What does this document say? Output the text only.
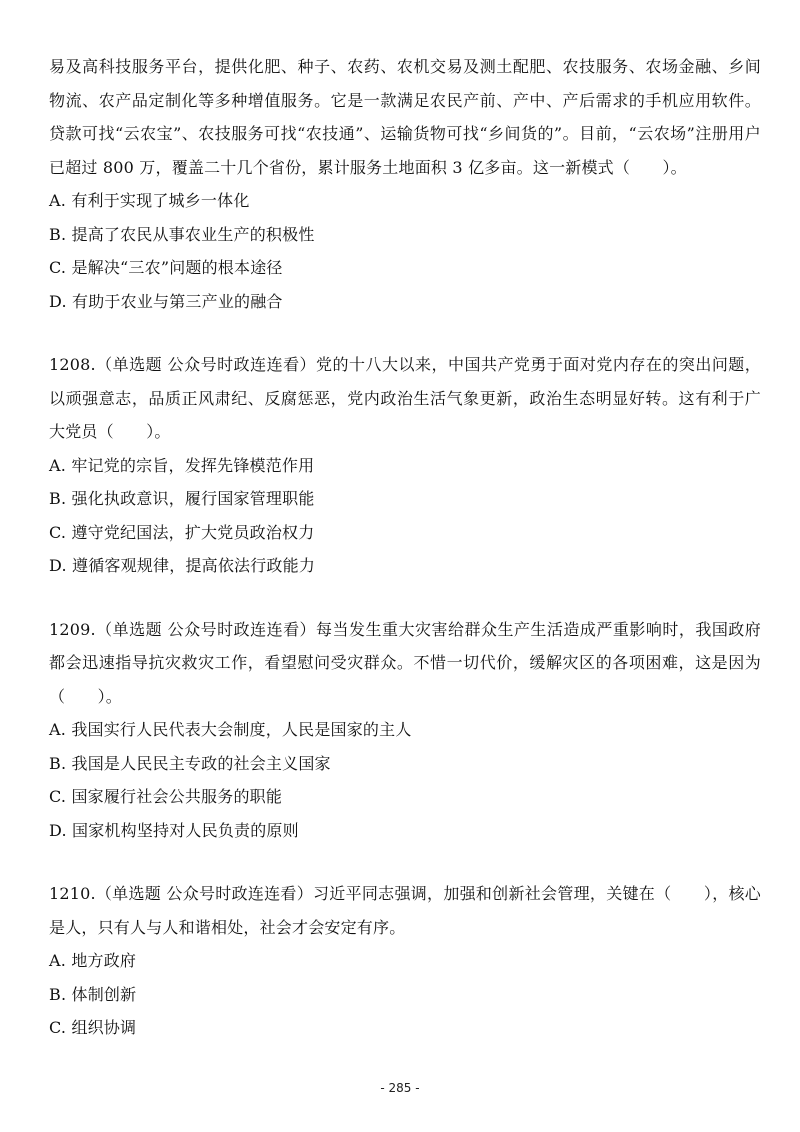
易及高科技服务平台，提供化肥、种子、农药、农机交易及测土配肥、农技服务、农场金融、乡间物流、农产品定制化等多种增值服务。它是一款满足农民产前、产中、产后需求的手机应用软件。贷款可找“云农宝”、农技服务可找“农技通”、运输货物可找“乡间货的”。目前，“云农场”注册用户已超过 800 万，覆盖二十几个省份，累计服务土地面积 3 亿多亩。这一新模式（　　）。

A. 有利于实现了城乡一体化

B. 提高了农民从事农业生产的积极性

C. 是解决“三农”问题的根本途径

D. 有助于农业与第三产业的融合

1208.（单选题 公众号时政连连看）党的十八大以来，中国共产党勇于面对党内存在的突出问题，以顽强意志，品质正风肃纪、反腐惩恶，党内政治生活气象更新，政治生态明显好转。这有利于广大党员（　　）。

A. 牢记党的宗旨，发挥先锋模范作用

B. 强化执政意识，履行国家管理职能

C. 遵守党纪国法，扩大党员政治权力

D. 遵循客观规律，提高依法行政能力

1209.（单选题 公众号时政连连看）每当发生重大灾害给群众生产生活造成严重影响时，我国政府都会迅速指导抗灾救灾工作，看望慰问受灾群众。不惜一切代价，缓解灾区的各项困难，这是因为（　　）。

A. 我国实行人民代表大会制度，人民是国家的主人

B. 我国是人民民主专政的社会主义国家

C. 国家履行社会公共服务的职能

D. 国家机构坚持对人民负责的原则

1210.（单选题 公众号时政连连看）习近平同志强调，加强和创新社会管理，关键在（　　），核心是人，只有人与人和谐相处，社会才会安定有序。

A. 地方政府

B. 体制创新

C. 组织协调

- 285 -
